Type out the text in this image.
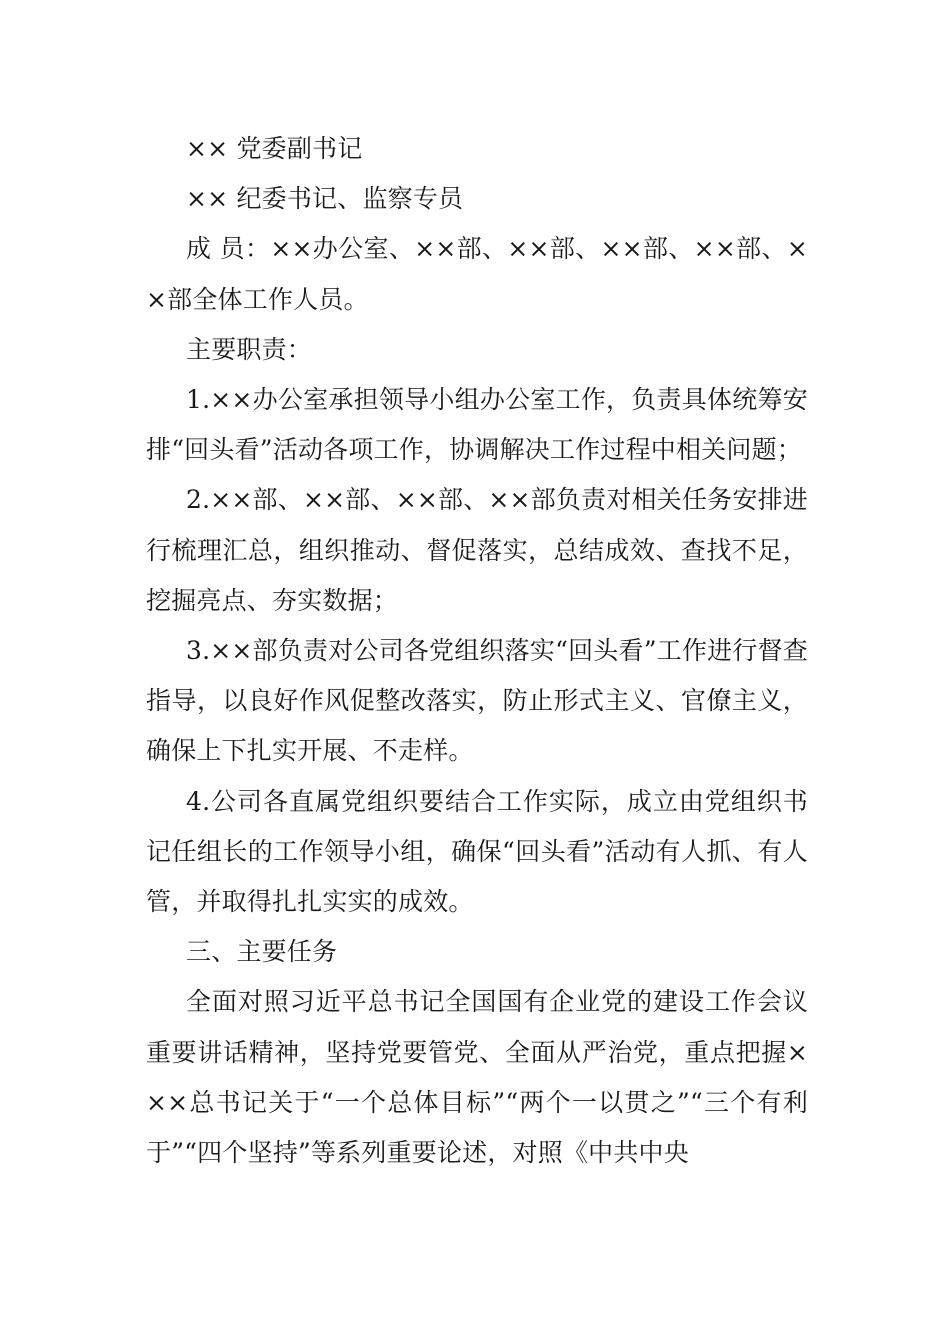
×× 党委副书记

×× 纪委书记、监察专员

成 员：××办公室、××部、××部、××部、××部、××部全体工作人员。

主要职责：

1.××办公室承担领导小组办公室工作，负责具体统筹安排“回头看”活动各项工作，协调解决工作过程中相关问题；

2.××部、××部、××部、××部负责对相关任务安排进行梳理汇总，组织推动、督促落实，总结成效、查找不足，挖掘亮点、夯实数据；

3.××部负责对公司各党组织落实“回头看”工作进行督查指导，以良好作风促整改落实，防止形式主义、官僚主义，确保上下扎实开展、不走样。

4.公司各直属党组织要结合工作实际，成立由党组织书记任组长的工作领导小组，确保“回头看”活动有人抓、有人管，并取得扎扎实实的成效。

三、主要任务

全面对照习近平总书记全国国有企业党的建设工作会议重要讲话精神，坚持党要管党、全面从严治党，重点把握×××总书记关于“一个总体目标”“两个一以贯之”“三个有利于”“四个坚持”等系列重要论述，对照《中共中央
